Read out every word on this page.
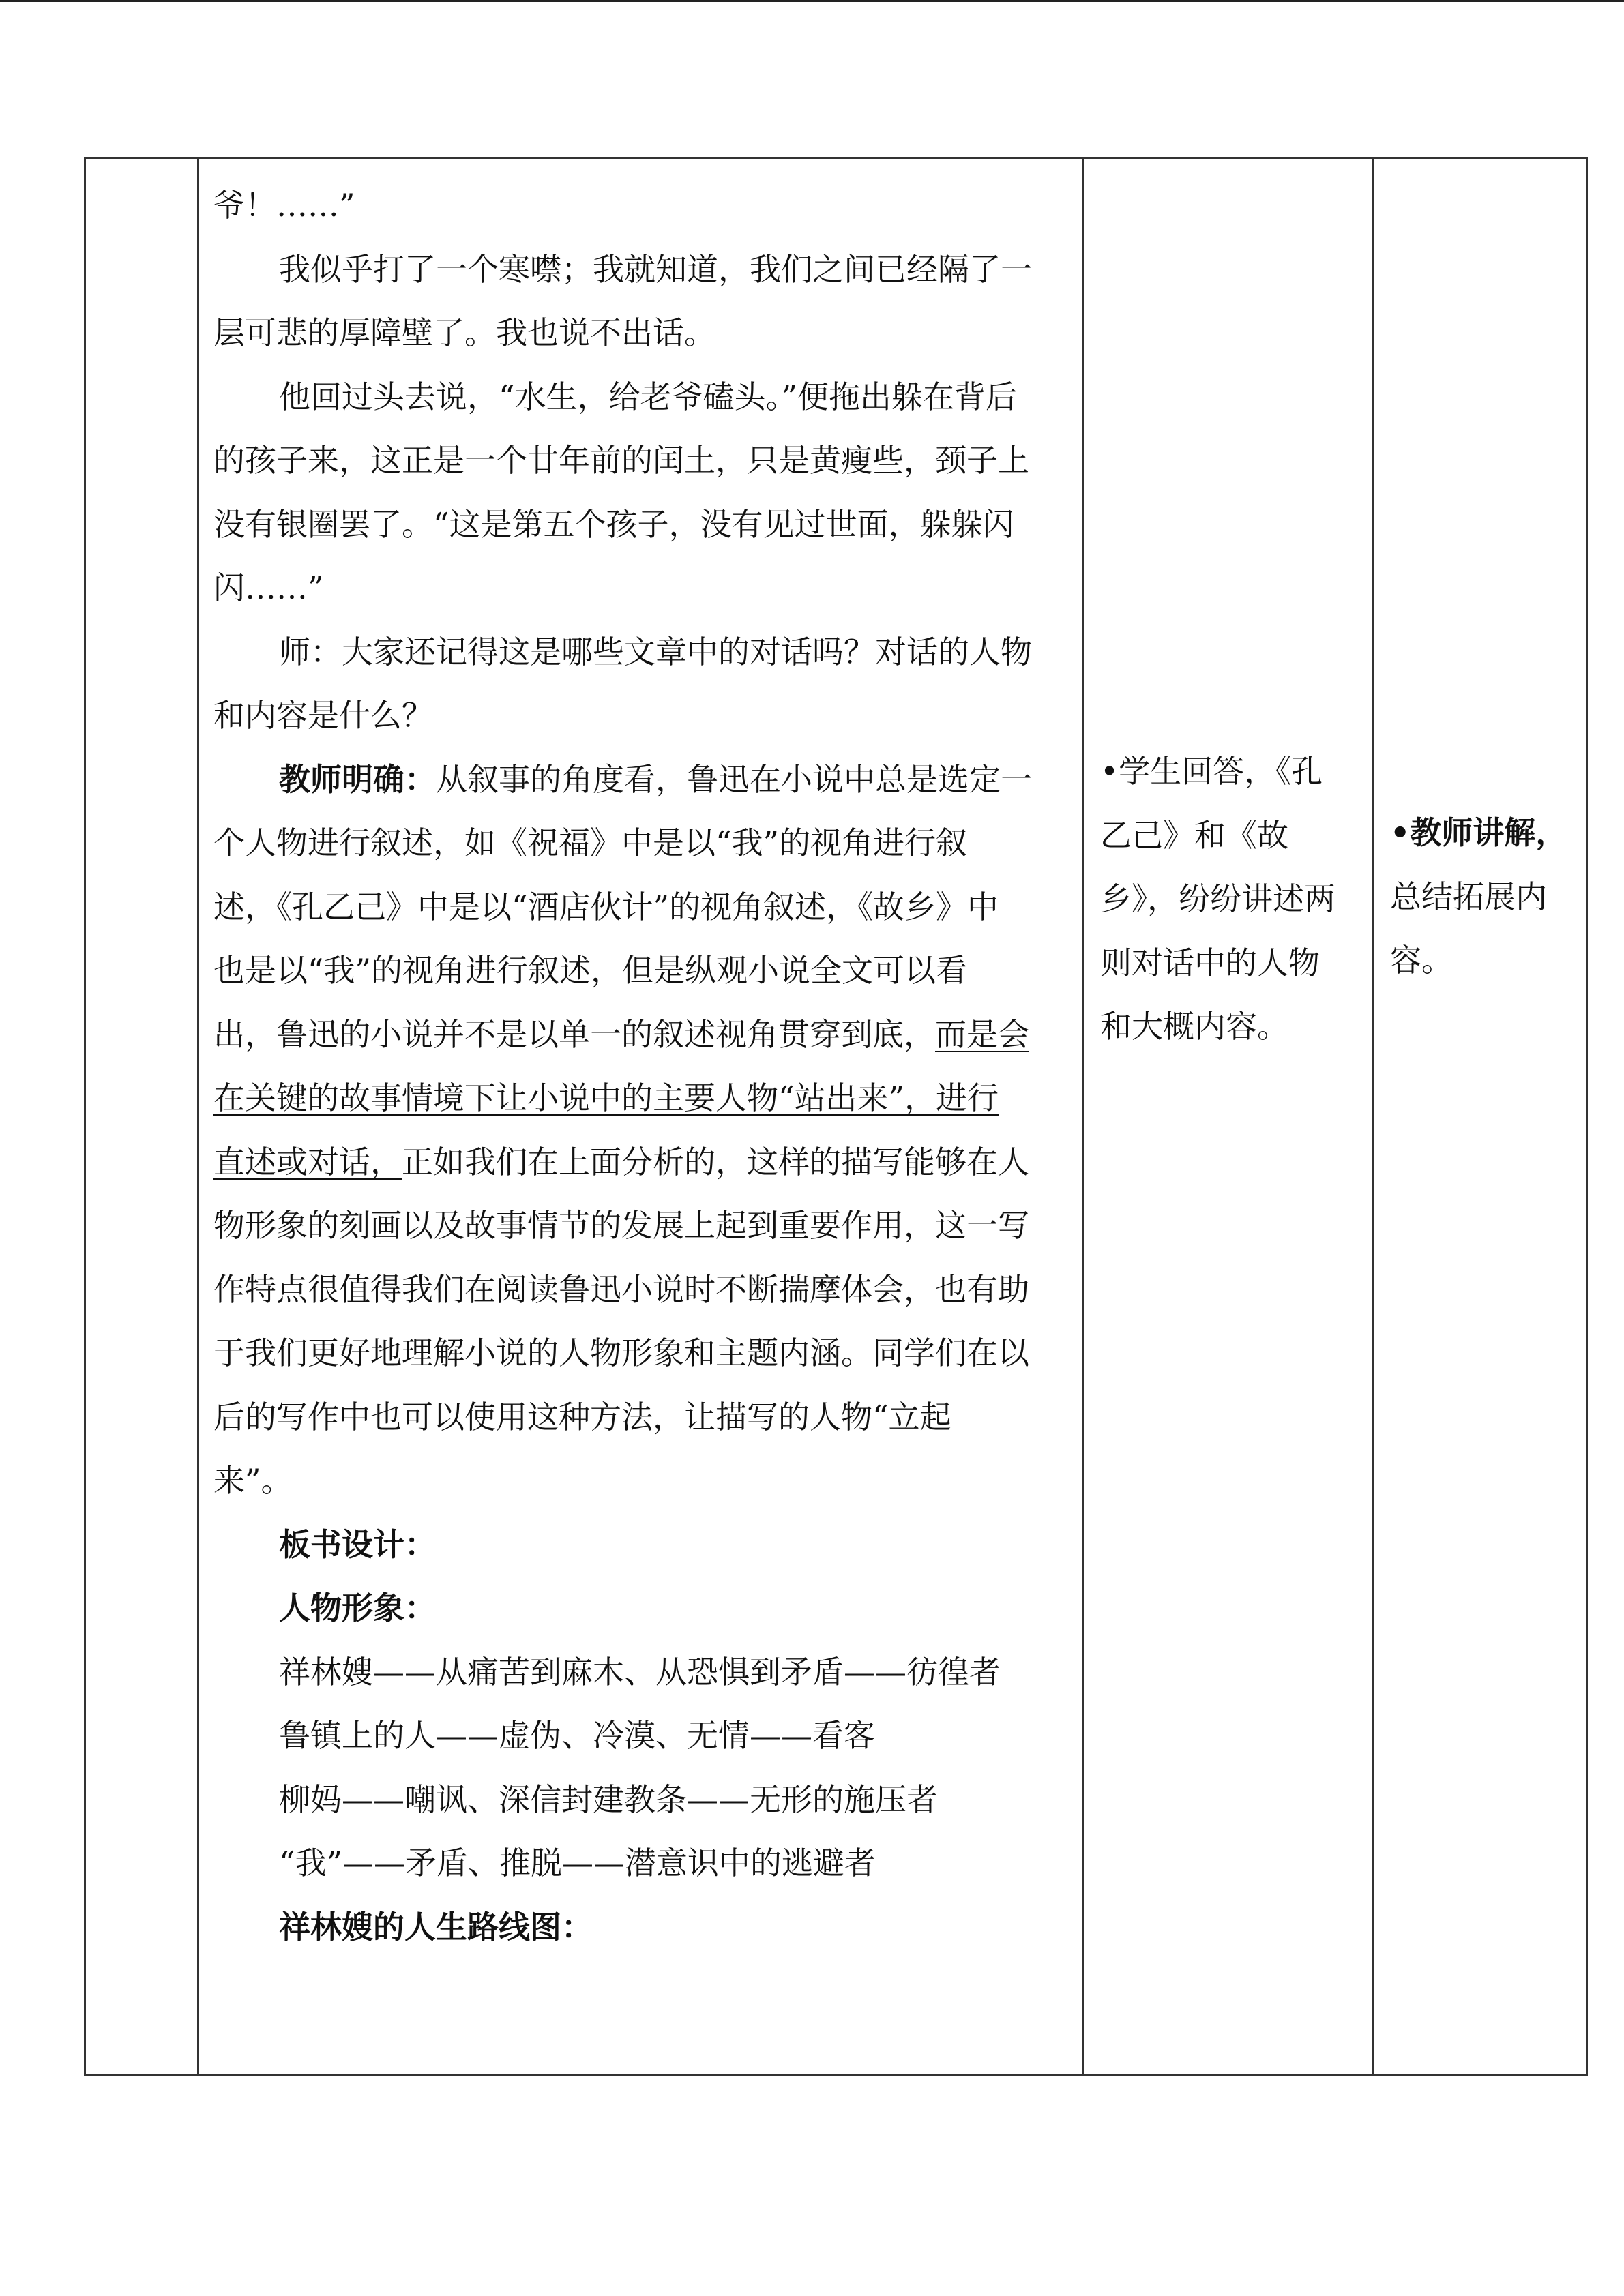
爷！……”
我似乎打了一个寒噤；我就知道，我们之间已经隔了一
层可悲的厚障壁了。我也说不出话。
他回过头去说，“水生，给老爷磕头。”便拖出躲在背后
的孩子来，这正是一个廿年前的闰土，只是黄瘦些，颈子上
没有银圈罢了。“这是第五个孩子，没有见过世面，躲躲闪
闪……”
师：大家还记得这是哪些文章中的对话吗？对话的人物
和内容是什么？
教师明确：从叙事的角度看，鲁迅在小说中总是选定一
个人物进行叙述，如《祝福》中是以“我”的视角进行叙
述，《孔乙己》中是以“酒店伙计”的视角叙述，《故乡》中
也是以“我”的视角进行叙述，但是纵观小说全文可以看
出，鲁迅的小说并不是以单一的叙述视角贯穿到底，而是会
在关键的故事情境下让小说中的主要人物“站出来”，进行
直述或对话，正如我们在上面分析的，这样的描写能够在人
物形象的刻画以及故事情节的发展上起到重要作用，这一写
作特点很值得我们在阅读鲁迅小说时不断揣摩体会，也有助
于我们更好地理解小说的人物形象和主题内涵。同学们在以
后的写作中也可以使用这种方法，让描写的人物“立起
来”。
板书设计：
人物形象：
祥林嫂——从痛苦到麻木、从恐惧到矛盾——彷徨者
鲁镇上的人——虚伪、冷漠、无情——看客
柳妈——嘲讽、深信封建教条——无形的施压者
“我”——矛盾、推脱——潜意识中的逃避者
祥林嫂的人生路线图：
•学生回答，《孔
乙己》和《故
乡》，纷纷讲述两
则对话中的人物
和大概内容。
•教师讲解，
总结拓展内
容。
